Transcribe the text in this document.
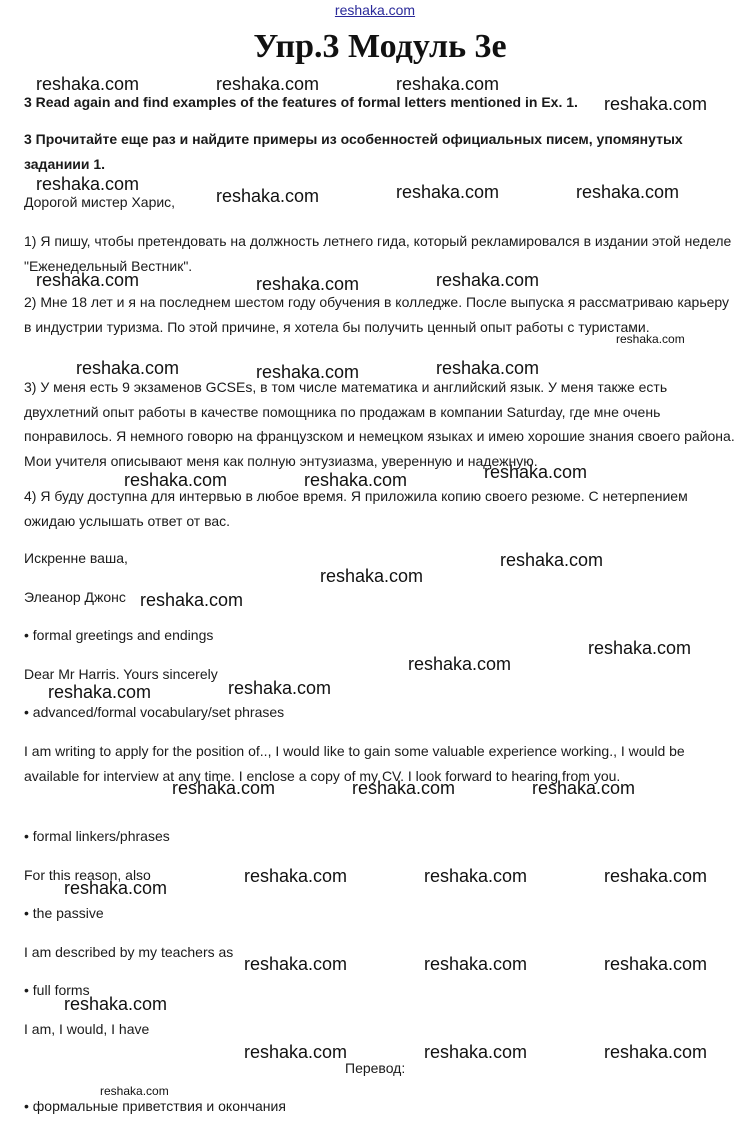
reshaka.com
Упр.3 Модуль 3е
3 Read again and find examples of the features of formal letters mentioned in Ex. 1.
3 Прочитайте еще раз и найдите примеры из особенностей официальных писем, упомянутых заданиии 1.
Дорогой мистер Харис,
1) Я пишу, чтобы претендовать на должность летнего гида, который рекламировался в издании этой неделе "Еженедельный Вестник".
2) Мне 18 лет и я на последнем шестом году обучения в колледже. После выпуска я рассматриваю карьеру в индустрии туризма. По этой причине, я хотела бы получить ценный опыт работы с туристами.
3) У меня есть 9 экзаменов GCSEs, в том числе математика и английский язык. У меня также есть двухлетний опыт работы в качестве помощника по продажам в компании Saturday, где мне очень понравилось. Я немного говорю на французском и немецком языках и имею хорошие знания своего района. Мои учителя описывают меня как полную энтузиазма, уверенную и надежную.
4) Я буду доступна для интервью в любое время. Я приложила копию своего резюме. С нетерпением ожидаю услышать ответ от вас.
Искренне ваша,
Элеанор Джонс
• formal greetings and endings
Dear Mr Harris. Yours sincerely
• advanced/formal vocabulary/set phrases
I am writing to apply for the position of.., I would like to gain some valuable experience working., I would be available for interview at any time. I enclose a copy of my CV. I look forward to hearing from you.
• formal linkers/phrases
For this reason, also
• the passive
I am described by my teachers as
• full forms
I am, I would, I have
Перевод:
• формальные приветствия и окончания
reshaka.com	reshaka.com	reshaka.com
reshaka.com
reshaka.com
reshaka.com	reshaka.com	reshaka.com
reshaka.com	reshaka.com	reshaka.com
reshaka.com
reshaka.com	reshaka.com	reshaka.com
reshaka.com
reshaka.com	reshaka.com
reshaka.com
reshaka.com
reshaka.com
reshaka.com
reshaka.com
reshaka.com
reshaka.com
reshaka.com	reshaka.com	reshaka.com
reshaka.com	reshaka.com	reshaka.com
reshaka.com
reshaka.com	reshaka.com	reshaka.com
reshaka.com
reshaka.com	reshaka.com	reshaka.com
reshaka.com
